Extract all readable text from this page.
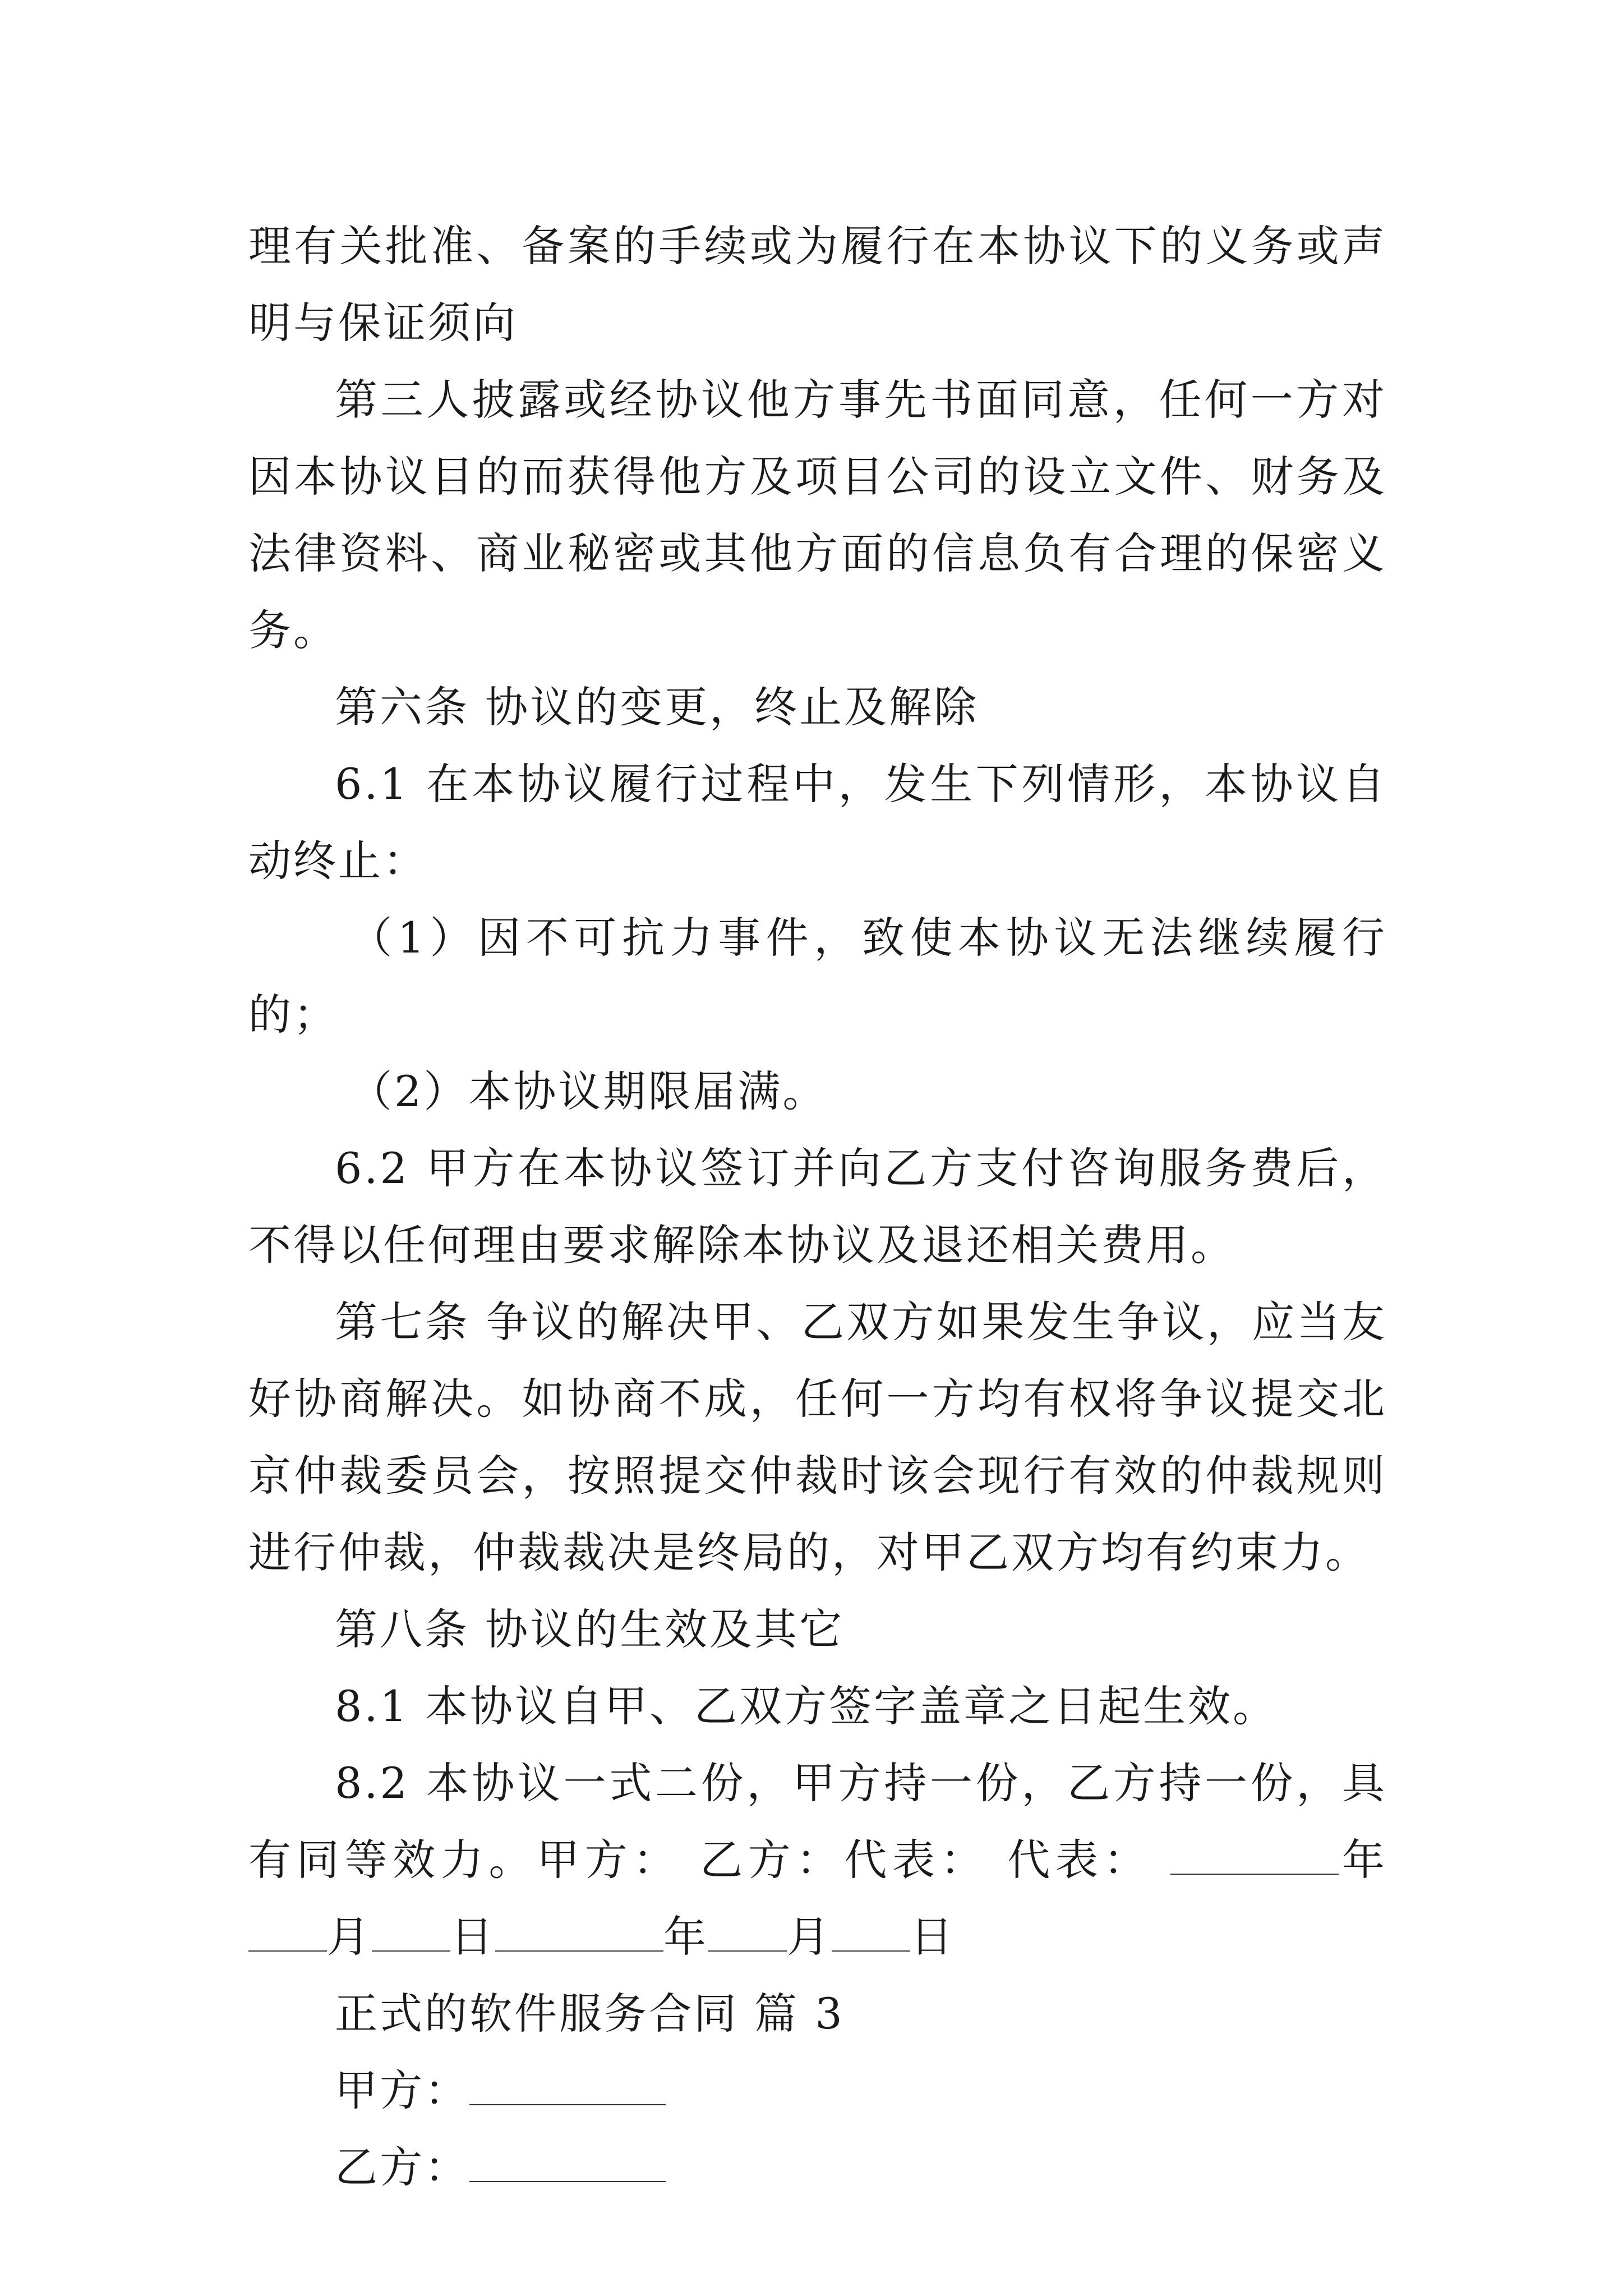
理有关批准、备案的手续或为履行在本协议下的义务或声明与保证须向

第三人披露或经协议他方事先书面同意，任何一方对因本协议目的而获得他方及项目公司的设立文件、财务及法律资料、商业秘密或其他方面的信息负有合理的保密义务。

第六条 协议的变更，终止及解除

6.1 在本协议履行过程中，发生下列情形，本协议自动终止：

（1）因不可抗力事件，致使本协议无法继续履行的；

（2）本协议期限届满。

6.2 甲方在本协议签订并向乙方支付咨询服务费后，不得以任何理由要求解除本协议及退还相关费用。

第七条 争议的解决甲、乙双方如果发生争议，应当友好协商解决。如协商不成，任何一方均有权将争议提交北京仲裁委员会，按照提交仲裁时该会现行有效的仲裁规则进行仲裁，仲裁裁决是终局的，对甲乙双方均有约束力。

第八条 协议的生效及其它

8.1 本协议自甲、乙双方签字盖章之日起生效。

8.2 本协议一式二份，甲方持一份，乙方持一份，具有同等效力。甲方： 乙方：代表： 代表：	年月 日	年 月 日

正式的软件服务合同 篇 3

甲方：

乙方：
